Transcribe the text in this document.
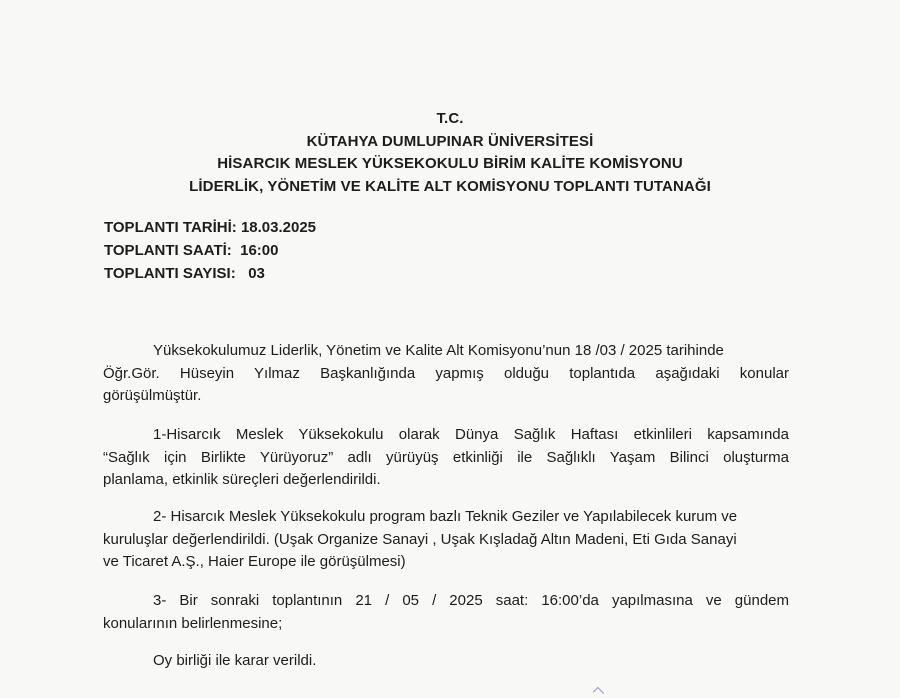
T.C.
KÜTAHYA DUMLUPINAR ÜNİVERSİTESİ
HİSARCIK MESLEK YÜKSEKOKULU BİRİM KALİTE KOMİSYONU
LİDERLİK, YÖNETİM VE KALİTE ALT KOMİSYONU TOPLANTI TUTANAĞI
TOPLANTI TARİHİ: 18.03.2025
TOPLANTI SAATİ: 16:00
TOPLANTI SAYISI: 03
Yüksekokulumuz Liderlik, Yönetim ve Kalite Alt Komisyonu’nun 18 /03 / 2025 tarihinde
Öğr.Gör. Hüseyin Yılmaz Başkanlığında yapmış olduğu toplantıda aşağıdaki konular
görüşülmüştür.
1-Hisarcık Meslek Yüksekokulu olarak Dünya Sağlık Haftası etkinlileri kapsamında
“Sağlık için Birlikte Yürüyoruz” adlı yürüyüş etkinliği ile Sağlıklı Yaşam Bilinci oluşturma
planlama, etkinlik süreçleri değerlendirildi.
2- Hisarcık Meslek Yüksekokulu program bazlı Teknik Geziler ve Yapılabilecek kurum ve
kuruluşlar değerlendirildi. (Uşak Organize Sanayi , Uşak Kışladağ Altın Madeni, Eti Gıda Sanayi
ve Ticaret A.Ş., Haier Europe ile görüşülmesi)
3- Bir sonraki toplantının 21 / 05 / 2025 saat: 16:00’da yapılmasına ve gündem
konularının belirlenmesine;
Oy birliği ile karar verildi.
